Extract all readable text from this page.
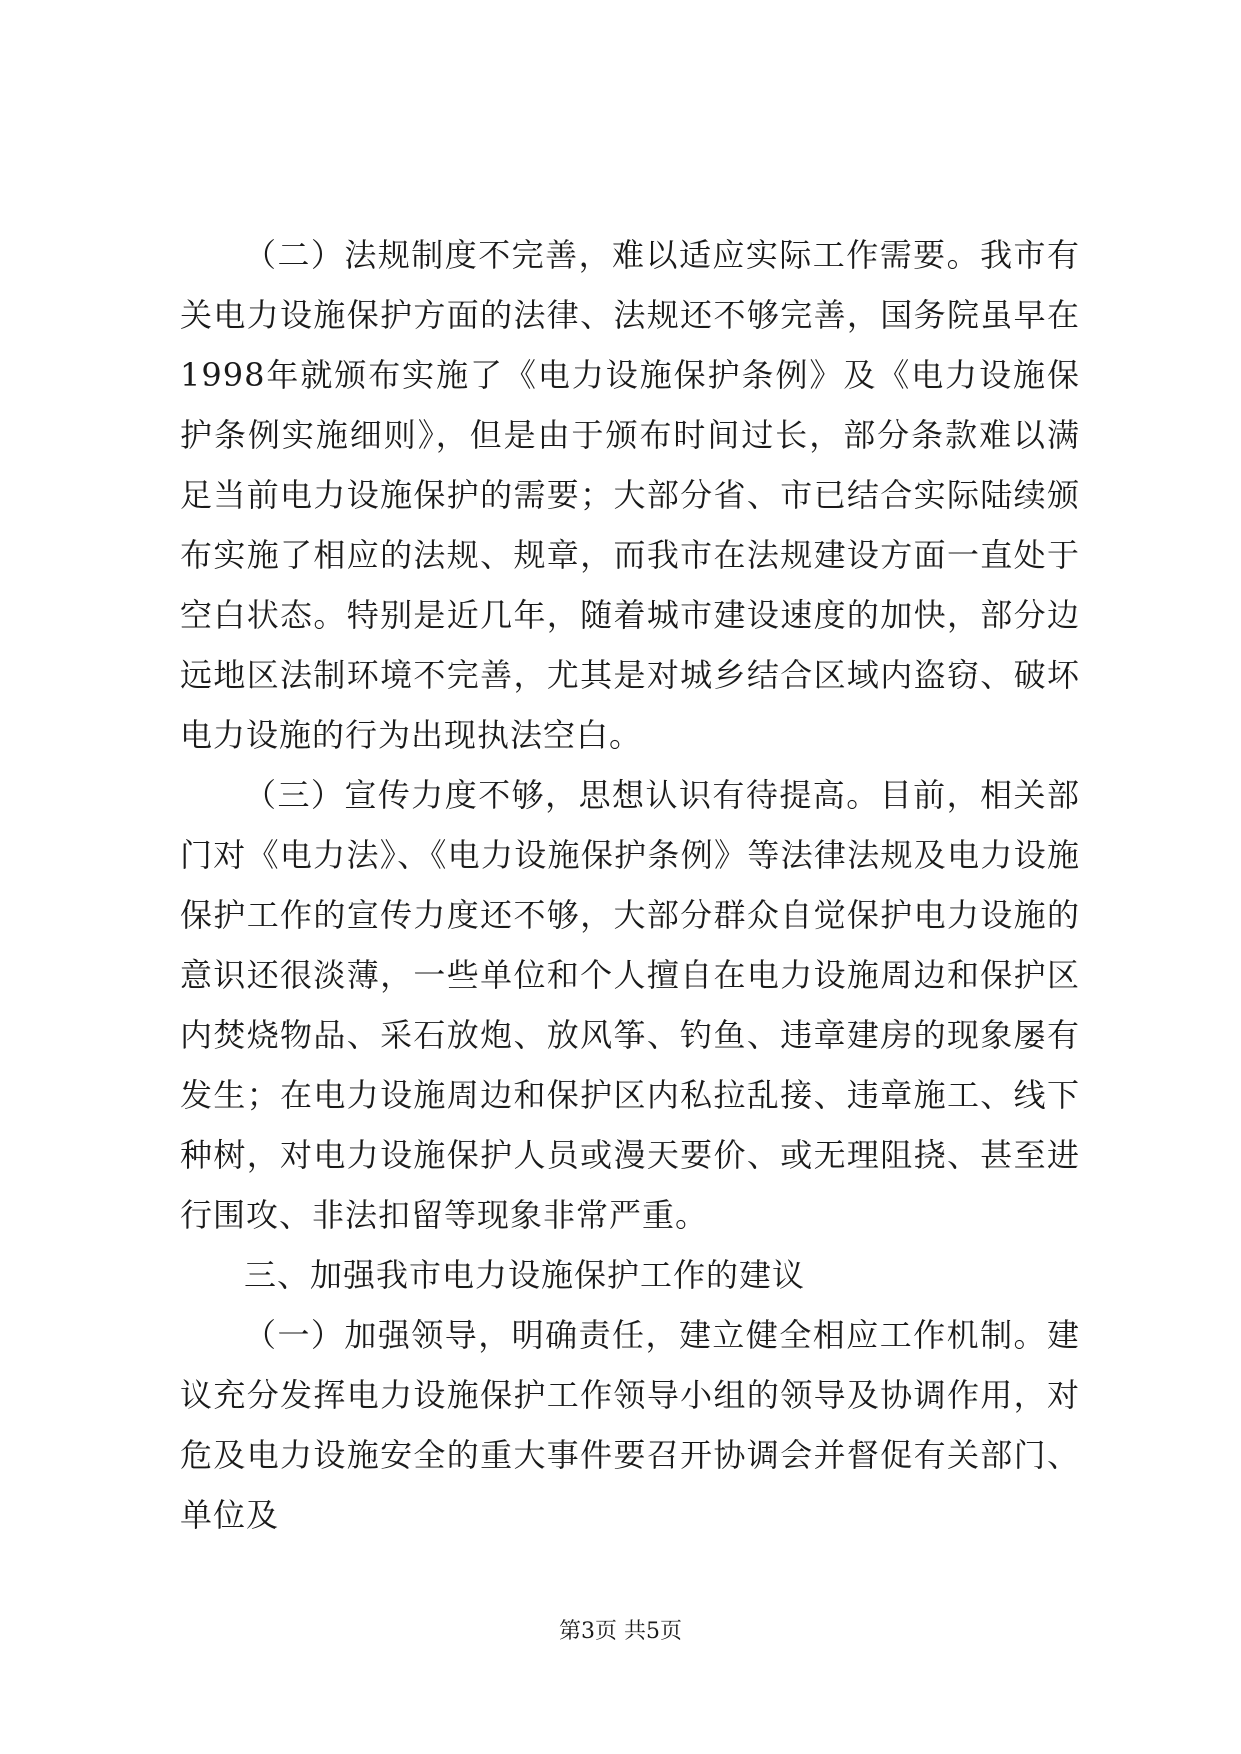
（二）法规制度不完善，难以适应实际工作需要。我市有关电力设施保护方面的法律、法规还不够完善，国务院虽早在1998年就颁布实施了《电力设施保护条例》及《电力设施保护条例实施细则》，但是由于颁布时间过长，部分条款难以满足当前电力设施保护的需要；大部分省、市已结合实际陆续颁布实施了相应的法规、规章，而我市在法规建设方面一直处于空白状态。特别是近几年，随着城市建设速度的加快，部分边远地区法制环境不完善，尤其是对城乡结合区域内盗窃、破坏电力设施的行为出现执法空白。

（三）宣传力度不够，思想认识有待提高。目前，相关部门对《电力法》、《电力设施保护条例》等法律法规及电力设施保护工作的宣传力度还不够，大部分群众自觉保护电力设施的意识还很淡薄，一些单位和个人擅自在电力设施周边和保护区内焚烧物品、采石放炮、放风筝、钓鱼、违章建房的现象屡有发生；在电力设施周边和保护区内私拉乱接、违章施工、线下种树，对电力设施保护人员或漫天要价、或无理阻挠、甚至进行围攻、非法扣留等现象非常严重。

三、加强我市电力设施保护工作的建议

（一）加强领导，明确责任，建立健全相应工作机制。建议充分发挥电力设施保护工作领导小组的领导及协调作用，对危及电力设施安全的重大事件要召开协调会并督促有关部门、单位及

第3页 共5页
